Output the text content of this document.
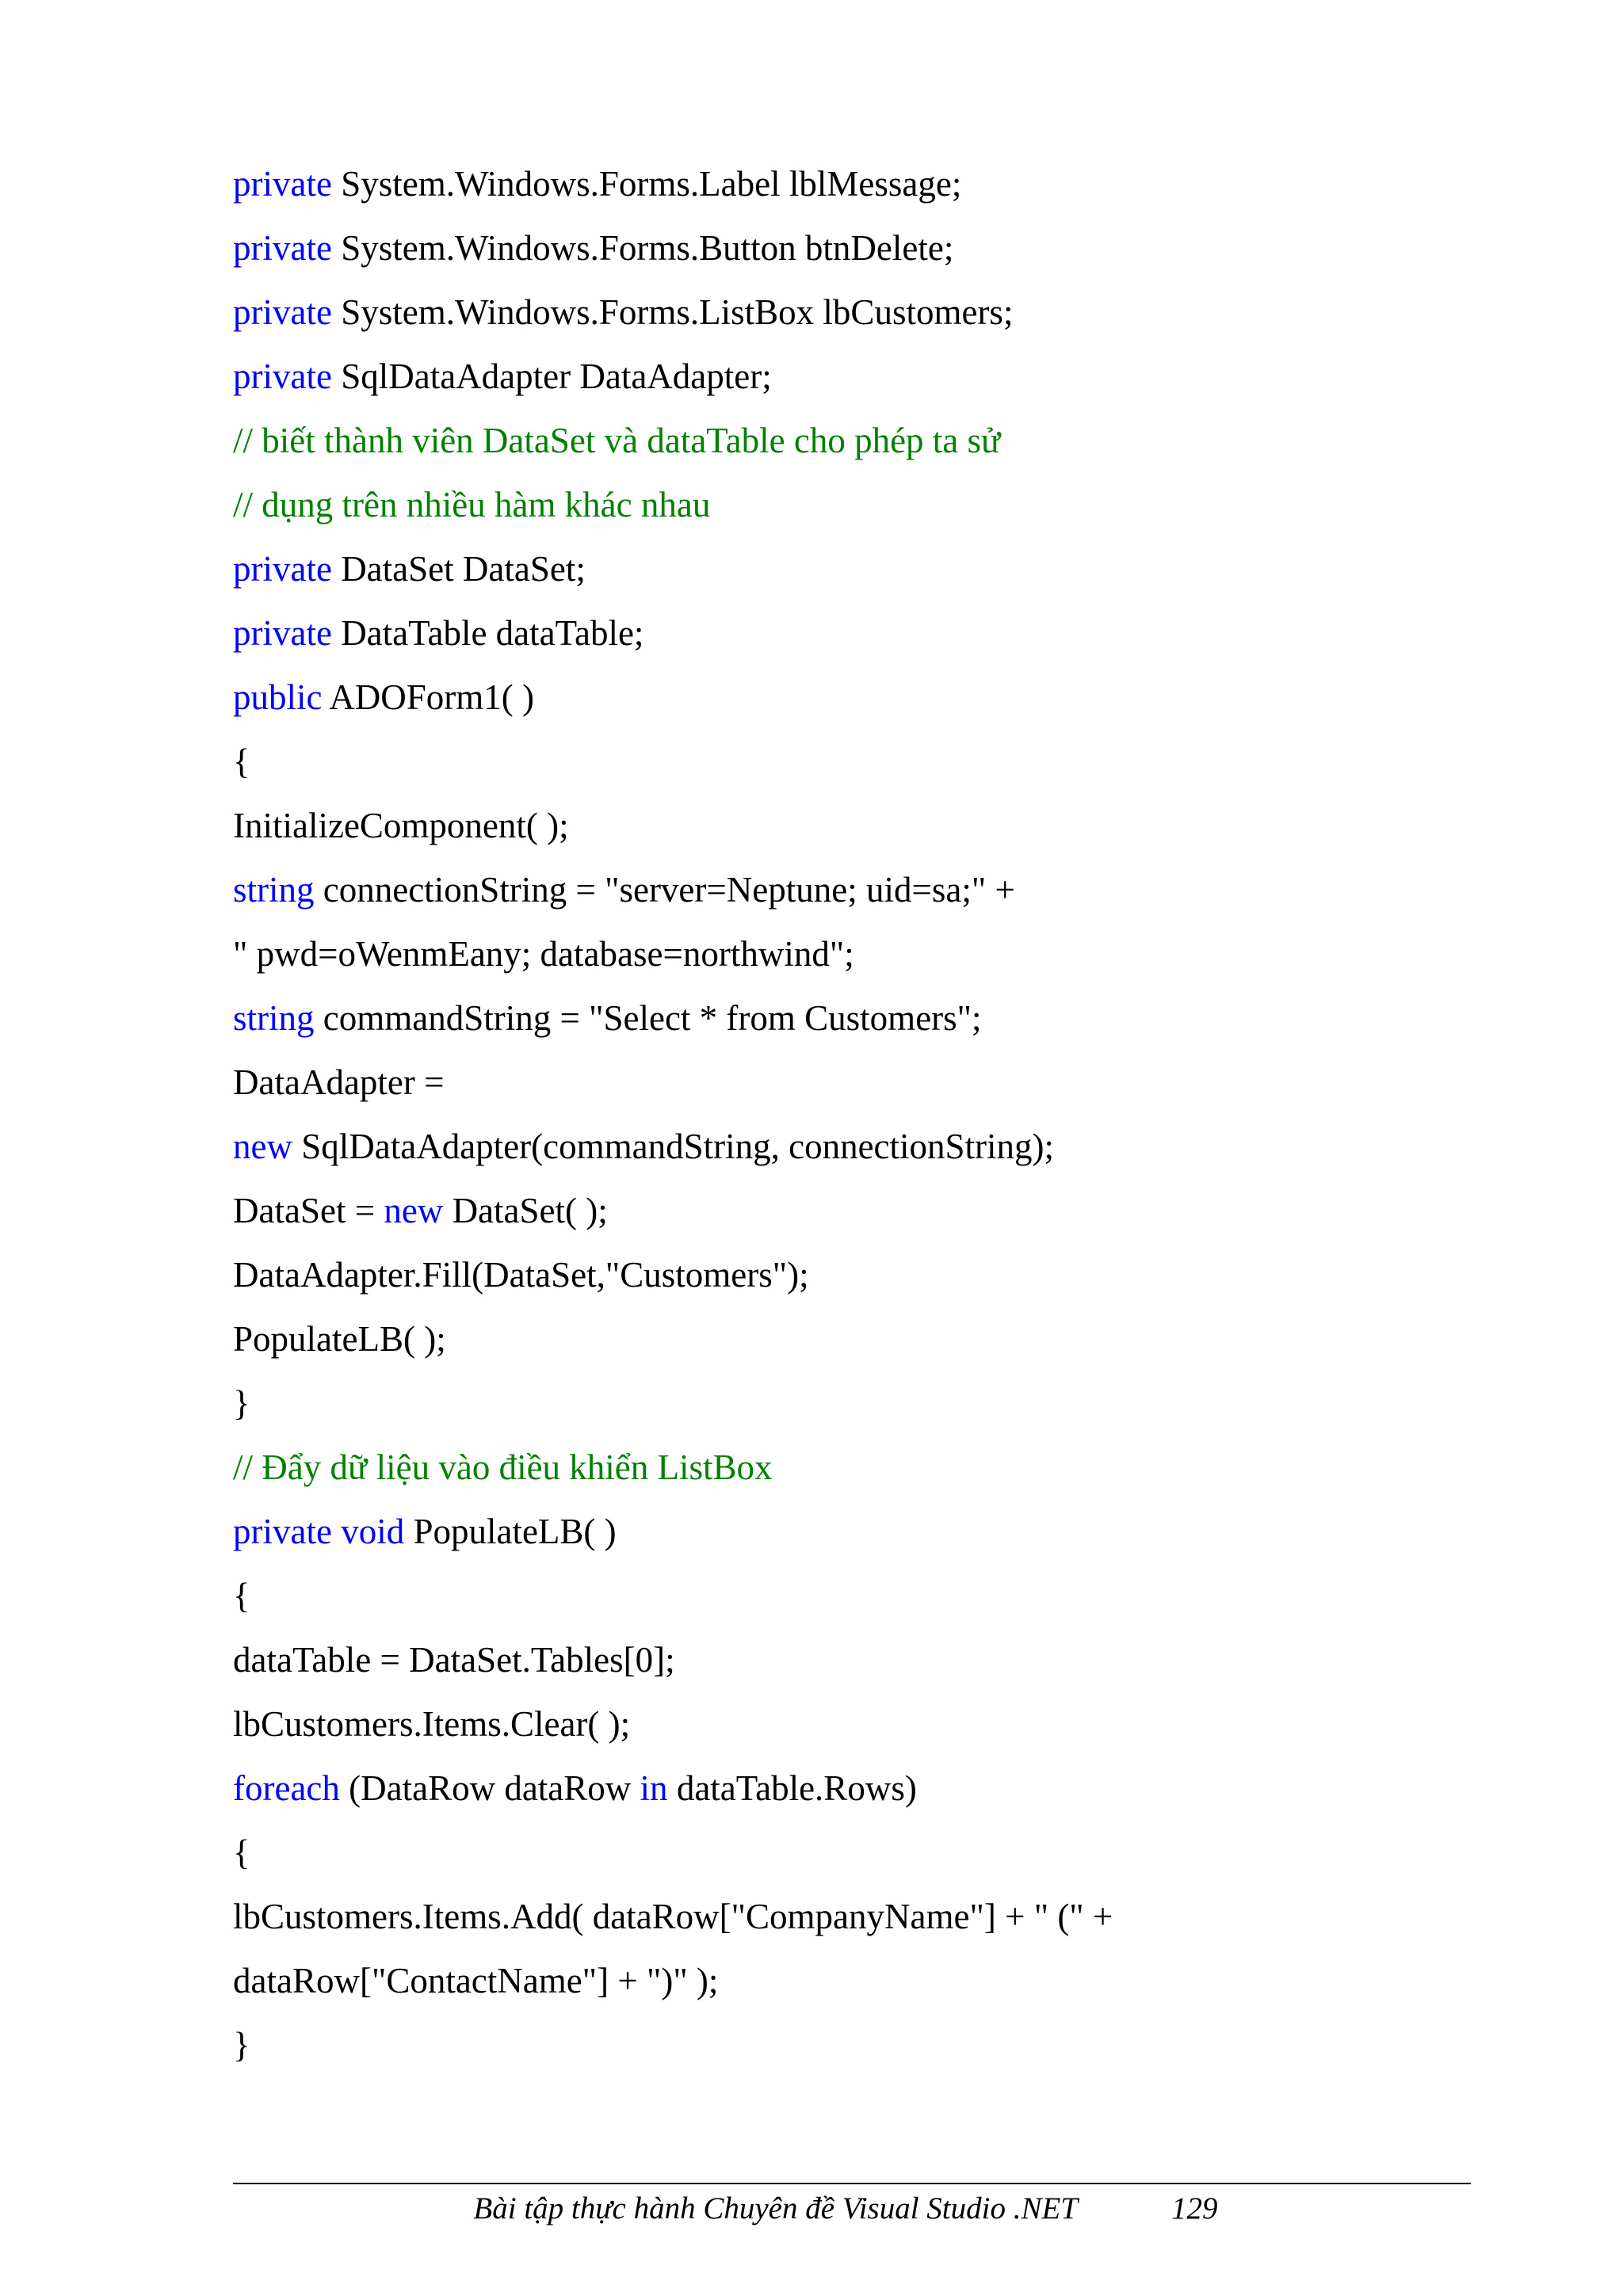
private System.Windows.Forms.Label lblMessage;
private System.Windows.Forms.Button btnDelete;
private System.Windows.Forms.ListBox lbCustomers;
private SqlDataAdapter DataAdapter;
// biết thành viên DataSet và dataTable cho phép ta sử
// dụng trên nhiều hàm khác nhau
private DataSet DataSet;
private DataTable dataTable;
public ADOForm1( )
{
InitializeComponent( );
string connectionString = "server=Neptune; uid=sa;" +
" pwd=oWenmEany; database=northwind";
string commandString = "Select * from Customers";
DataAdapter =
new SqlDataAdapter(commandString, connectionString);
DataSet = new DataSet( );
DataAdapter.Fill(DataSet,"Customers");
PopulateLB( );
}
// Đẩy dữ liệu vào điều khiển ListBox
private void PopulateLB( )
{
dataTable = DataSet.Tables[0];
lbCustomers.Items.Clear( );
foreach (DataRow dataRow in dataTable.Rows)
{
lbCustomers.Items.Add( dataRow["CompanyName"] + " (" +
dataRow["ContactName"] + ")" );
}
Bài tập thực hành Chuyên đề Visual Studio .NET	129
